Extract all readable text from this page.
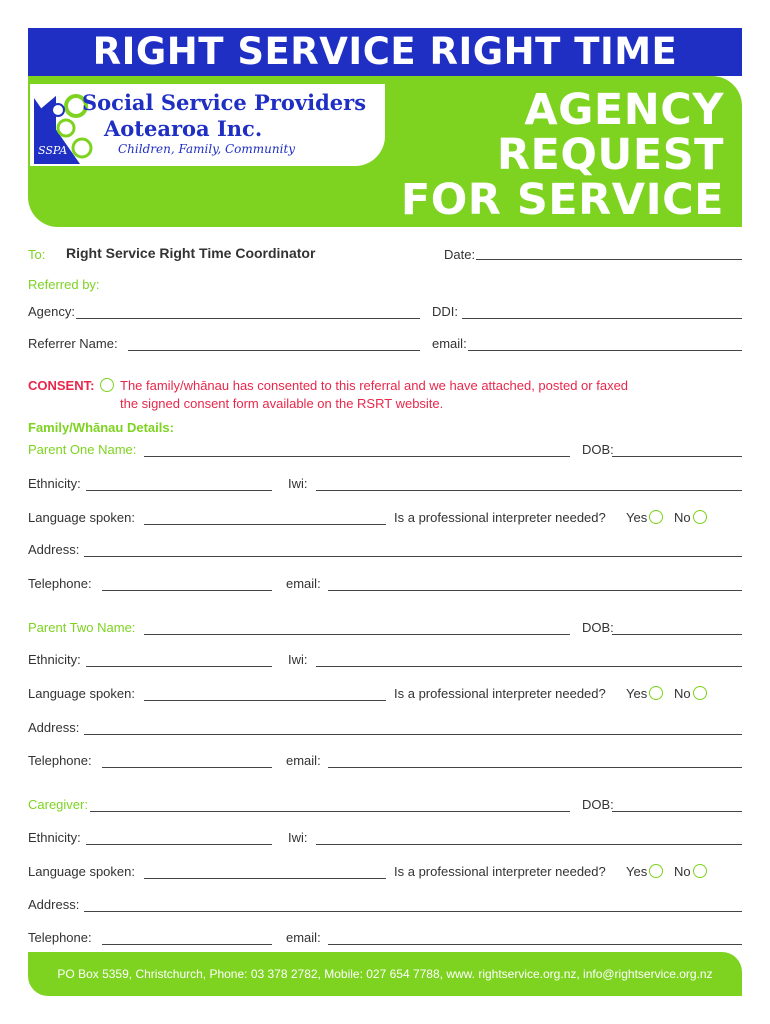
RIGHT SERVICE RIGHT TIME
Social Service Providers
Aotearoa Inc.
Children, Family, Community
SSPA
AGENCY
REQUEST
FOR SERVICE
To: Right Service Right Time Coordinator	Date:
Referred by:
Agency:	DDI:
Referrer Name:	email:
CONSENT: The family/whānau has consented to this referral and we have attached, posted or faxed
the signed consent form available on the RSRT website.
Family/Whānau Details:
Parent One Name:	DOB:
Ethnicity:	Iwi:
Language spoken:	Is a professional interpreter needed? Yes	No
Address:
Telephone:	email:
Parent Two Name:	DOB:
Ethnicity:	Iwi:
Language spoken:	Is a professional interpreter needed? Yes	No
Address:
Telephone:	email:
Caregiver:	DOB:
Ethnicity:	Iwi:
Language spoken:	Is a professional interpreter needed? Yes	No
Address:
Telephone:	email:
PO Box 5359, Christchurch, Phone: 03 378 2782, Mobile: 027 654 7788, www. rightservice.org.nz, info@rightservice.org.nz
